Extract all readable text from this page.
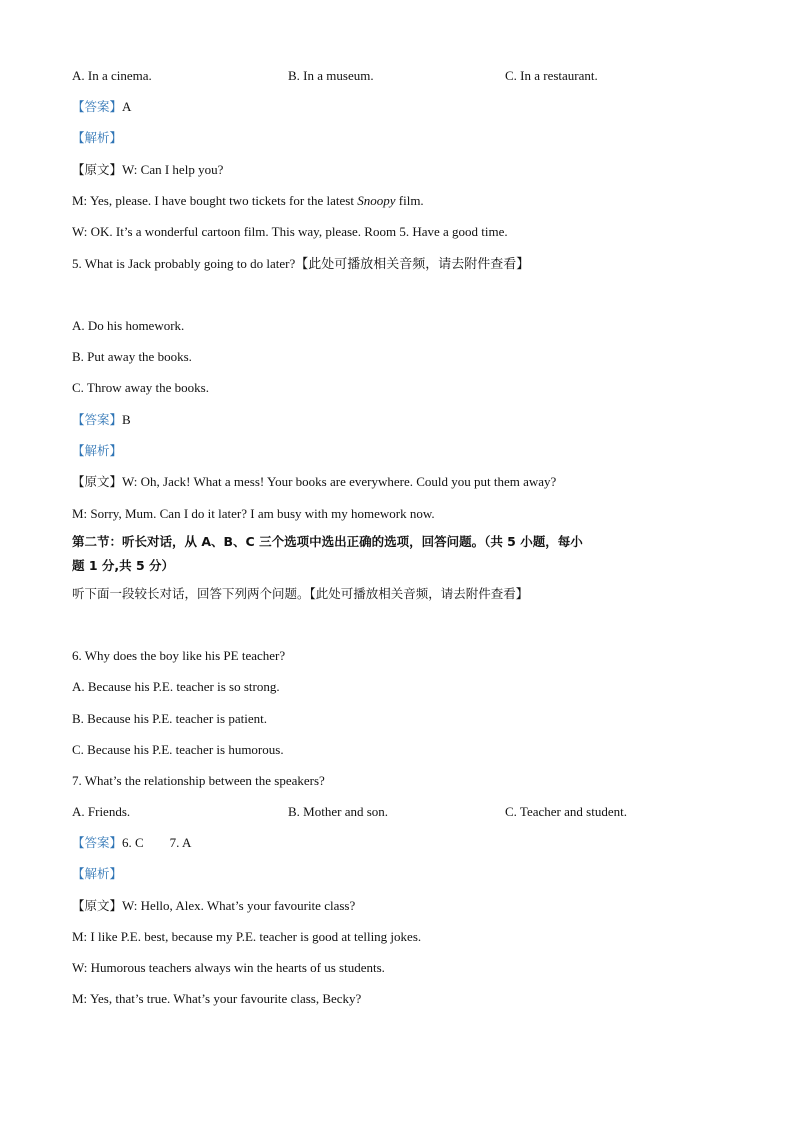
A. In a cinema.	B. In a museum.	C. In a restaurant.
【答案】A
【解析】
【原文】W: Can I help you?
M: Yes, please. I have bought two tickets for the latest Snoopy film.
W: OK. It’s a wonderful cartoon film. This way, please. Room 5. Have a good time.
5. What is Jack probably going to do later?【此处可播放相关音频，请去附件查看】
A. Do his homework.
B. Put away the books.
C. Throw away the books.
【答案】B
【解析】
【原文】W: Oh, Jack! What a mess! Your books are everywhere. Could you put them away?
M: Sorry, Mum. Can I do it later? I am busy with my homework now.
第二节：听长对话，从 A、B、C 三个选项中选出正确的选项，回答问题。（共 5 小题，每小
题 1 分,共 5 分）
听下面一段较长对话，回答下列两个问题。【此处可播放相关音频，请去附件查看】
6. Why does the boy like his PE teacher?
A. Because his P.E. teacher is so strong.
B. Because his P.E. teacher is patient.
C. Because his P.E. teacher is humorous.
7. What’s the relationship between the speakers?
A. Friends.	B. Mother and son.	C. Teacher and student.
【答案】6. C        7. A
【解析】
【原文】W: Hello, Alex. What’s your favourite class?
M: I like P.E. best, because my P.E. teacher is good at telling jokes.
W: Humorous teachers always win the hearts of us students.
M: Yes, that’s true. What’s your favourite class, Becky?
